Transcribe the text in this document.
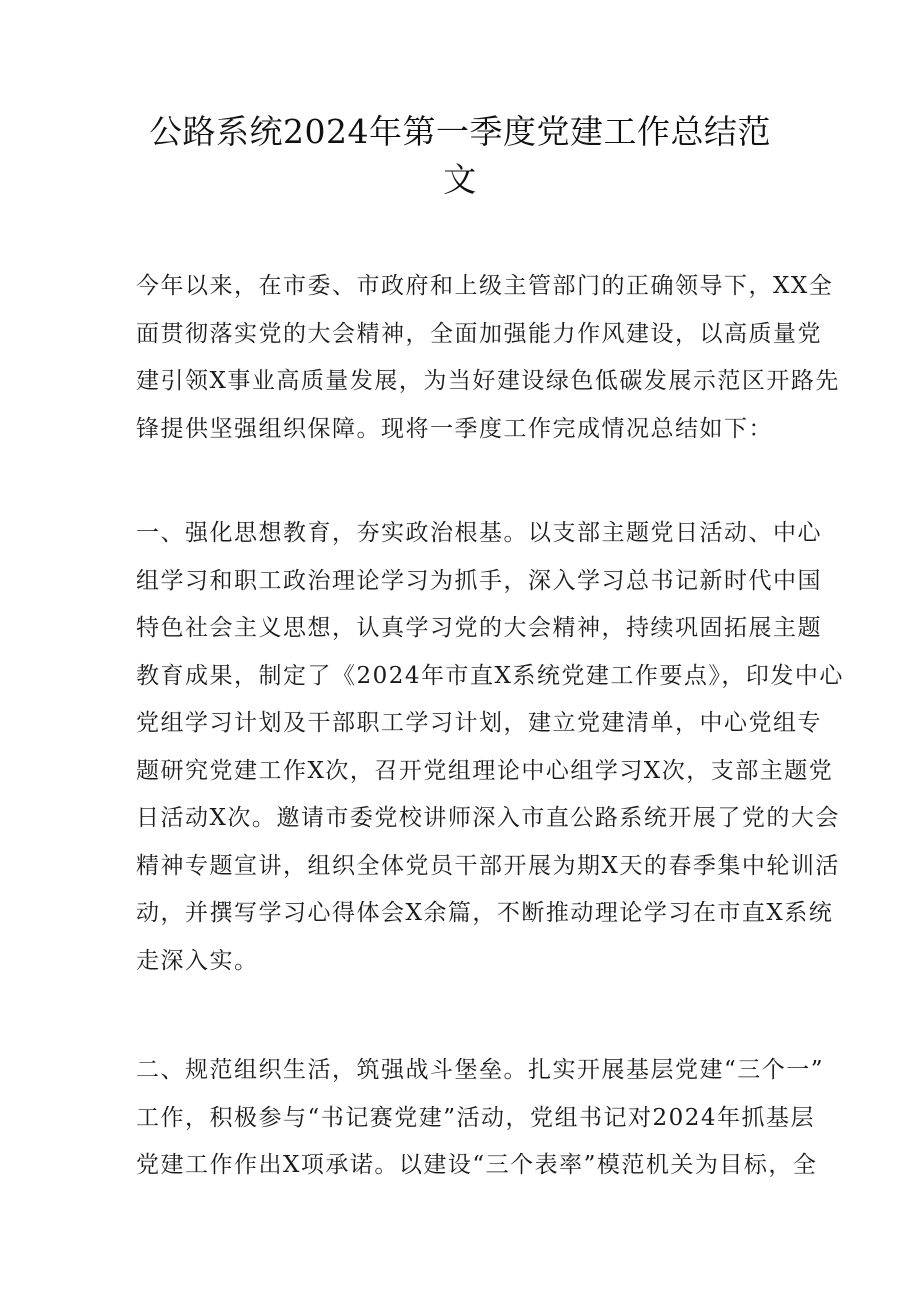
公路系统2024年第一季度党建工作总结范
文
今年以来，在市委、市政府和上级主管部门的正确领导下，XX全
面贯彻落实党的大会精神，全面加强能力作风建设，以高质量党
建引领X事业高质量发展，为当好建设绿色低碳发展示范区开路先
锋提供坚强组织保障。现将一季度工作完成情况总结如下：
一、强化思想教育，夯实政治根基。以支部主题党日活动、中心
组学习和职工政治理论学习为抓手，深入学习总书记新时代中国
特色社会主义思想，认真学习党的大会精神，持续巩固拓展主题
教育成果，制定了《2024年市直X系统党建工作要点》，印发中心
党组学习计划及干部职工学习计划，建立党建清单，中心党组专
题研究党建工作X次，召开党组理论中心组学习X次，支部主题党
日活动X次。邀请市委党校讲师深入市直公路系统开展了党的大会
精神专题宣讲，组织全体党员干部开展为期X天的春季集中轮训活
动，并撰写学习心得体会X余篇，不断推动理论学习在市直X系统
走深入实。
二、规范组织生活，筑强战斗堡垒。扎实开展基层党建“三个一”
工作，积极参与“书记赛党建”活动，党组书记对2024年抓基层
党建工作作出X项承诺。以建设“三个表率”模范机关为目标，全
